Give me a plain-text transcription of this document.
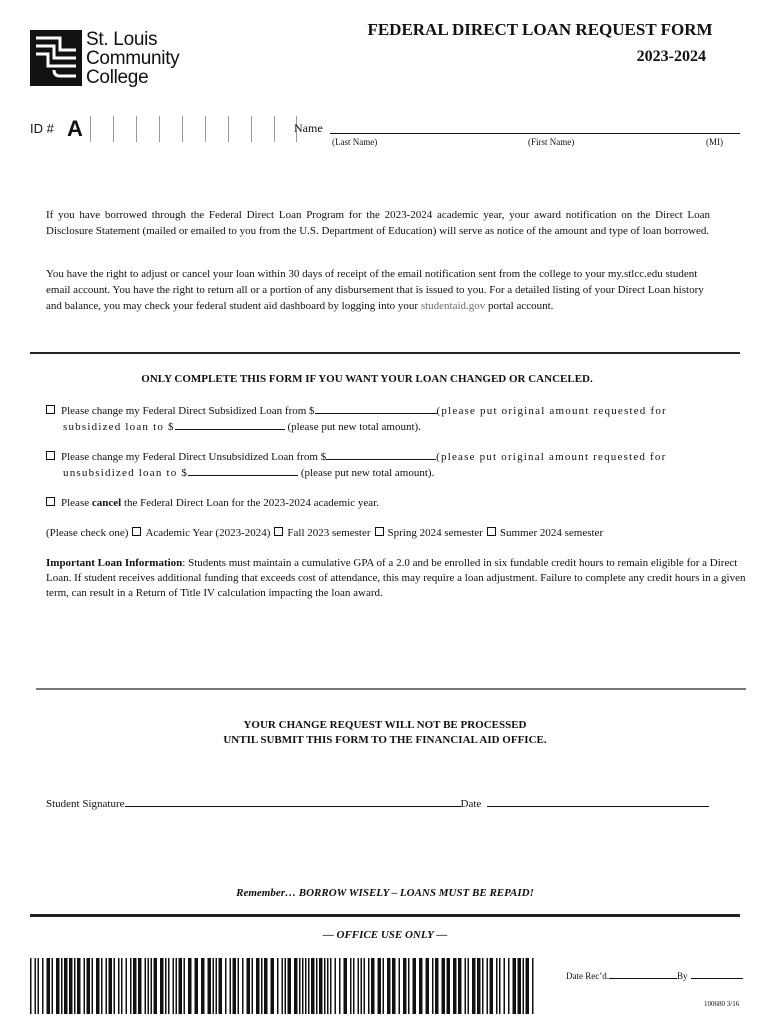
St. Louis
Community
College
FEDERAL DIRECT LOAN REQUEST FORM
2023-2024
ID # A	Name
(Last Name)	(First Name)	(MI)
If you have borrowed through the Federal Direct Loan Program for the 2023-2024 academic year, your award notification on the Direct Loan Disclosure Statement (mailed or emailed to you from the U.S. Department of Education) will serve as notice of the amount and type of loan borrowed.
You have the right to adjust or cancel your loan within 30 days of receipt of the email notification sent from the college to your my.stlcc.edu student email account. You have the right to return all or a portion of any disbursement that is issued to you. For a detailed listing of your Direct Loan history and balance, you may check your federal student aid dashboard by logging into your studentaid.gov portal account.
ONLY COMPLETE THIS FORM IF YOU WANT YOUR LOAN CHANGED OR CANCELED.
Please change my Federal Direct Subsidized Loan from $	(please put original amount requested for
subsidized loan to $	(please put new total amount).
Please change my Federal Direct Unsubsidized Loan from $	(please put original amount requested for
unsubsidized loan to $	(please put new total amount).
Please cancel the Federal Direct Loan for the 2023-2024 academic year.
(Please check one) Academic Year (2023-2024) Fall 2023 semester Spring 2024 semester Summer 2024 semester
Important Loan Information: Students must maintain a cumulative GPA of a 2.0 and be enrolled in six fundable credit hours to remain eligible for a Direct Loan. If student receives additional funding that exceeds cost of attendance, this may require a loan adjustment. Failure to complete any credit hours in a given term, can result in a Return of Title IV calculation impacting the loan award.
YOUR CHANGE REQUEST WILL NOT BE PROCESSED
UNTIL SUBMIT THIS FORM TO THE FINANCIAL AID OFFICE.
Student Signature	Date
Remember… BORROW WISELY – LOANS MUST BE REPAID!
— OFFICE USE ONLY —
Date Rec’d.	By
100680 3/16
